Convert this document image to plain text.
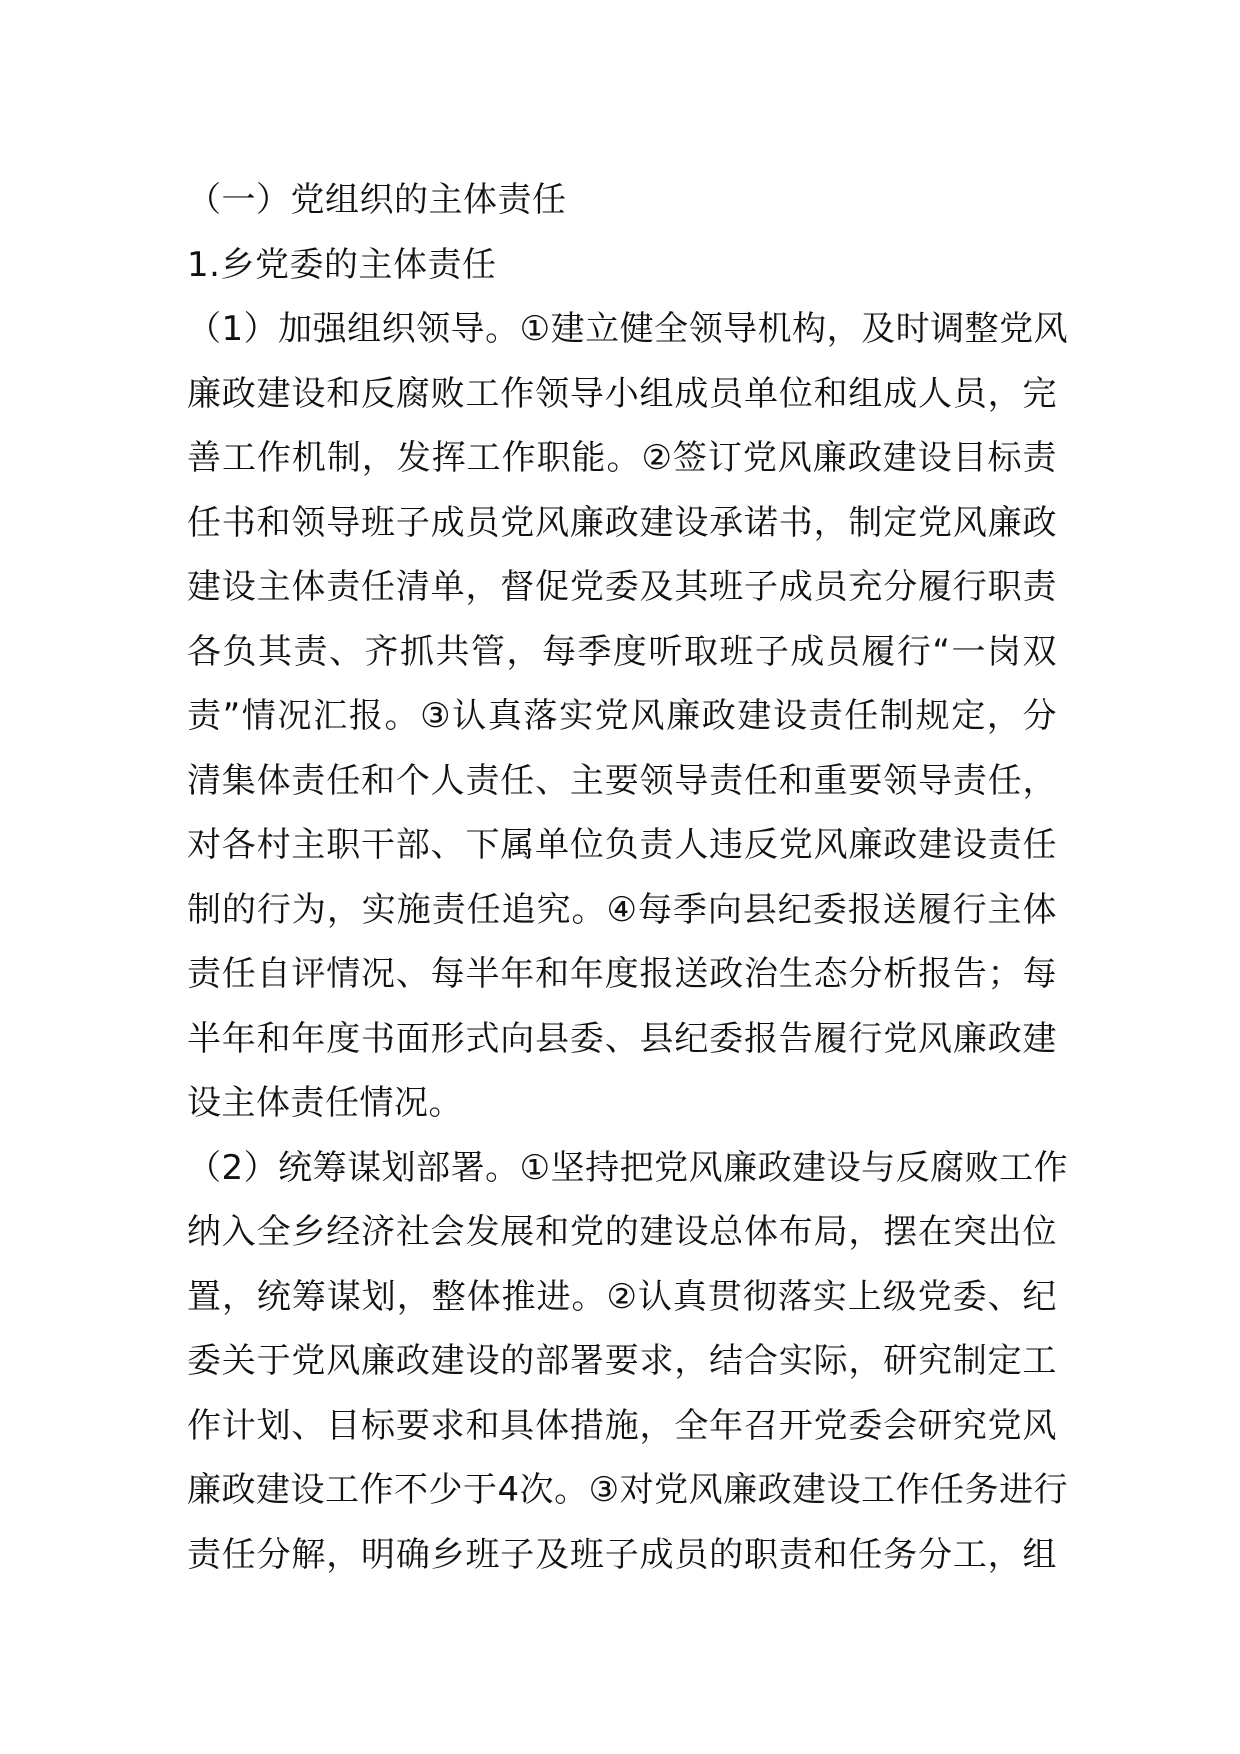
（一）党组织的主体责任
1.乡党委的主体责任
（1）加强组织领导。①建立健全领导机构，及时调整党风
廉政建设和反腐败工作领导小组成员单位和组成人员，完
善工作机制，发挥工作职能。②签订党风廉政建设目标责
任书和领导班子成员党风廉政建设承诺书，制定党风廉政
建设主体责任清单，督促党委及其班子成员充分履行职责
各负其责、齐抓共管，每季度听取班子成员履行“一岗双
责”情况汇报。③认真落实党风廉政建设责任制规定，分
清集体责任和个人责任、主要领导责任和重要领导责任，
对各村主职干部、下属单位负责人违反党风廉政建设责任
制的行为，实施责任追究。④每季向县纪委报送履行主体
责任自评情况、每半年和年度报送政治生态分析报告；每
半年和年度书面形式向县委、县纪委报告履行党风廉政建
设主体责任情况。
（2）统筹谋划部署。①坚持把党风廉政建设与反腐败工作
纳入全乡经济社会发展和党的建设总体布局，摆在突出位
置，统筹谋划，整体推进。②认真贯彻落实上级党委、纪
委关于党风廉政建设的部署要求，结合实际，研究制定工
作计划、目标要求和具体措施，全年召开党委会研究党风
廉政建设工作不少于4次。③对党风廉政建设工作任务进行
责任分解，明确乡班子及班子成员的职责和任务分工，组
